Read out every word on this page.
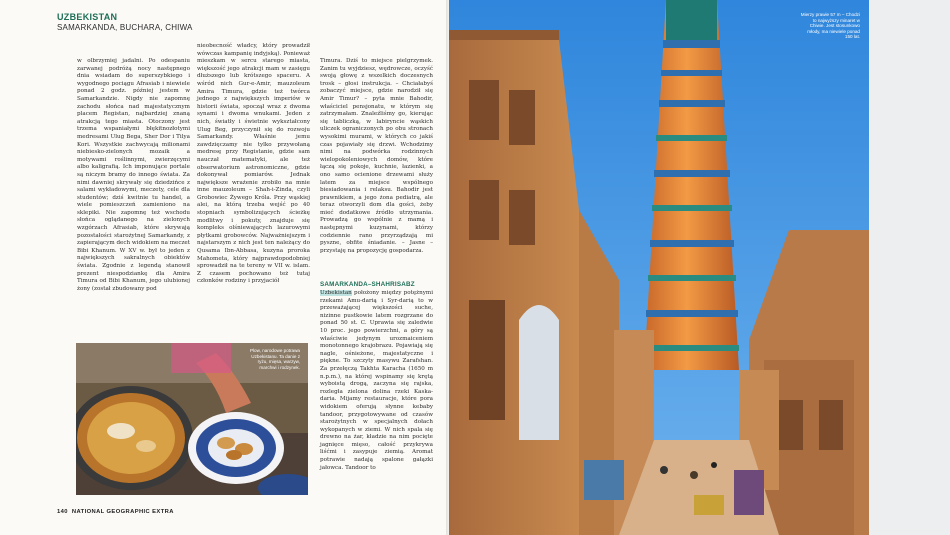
UZBEKISTAN
SAMARKANDA, BUCHARA, CHIWA

w olbrzymiej jadalni. Po odespaniu zarwanej podróżą nocy następnego dnia wsiadam do superszybkiego i wygodnego pociągu Afrasiab i niewiele ponad 2 godz. później jestem w Samarkandzie. Nigdy nie zapomnę zachodu słońca nad majestatycznym placem Registan, najbardziej znaną atrakcją tego miasta. Otoczony jest trzema wspaniałymi błękitnozłotymi medresami Ulug Bega, Sher Dor i Tilya Kori. Wszystkie zachwycają milionami niebiesko-zielonych mozaik a motywami roślinnymi, zwierzęcymi albo kaligrafią. Ich imponujące portale są niczym bramy do innego świata. Za nimi dawniej skrywały się dziedzińce z salami wykładowymi, meczety, cele dla studentów; dziś kwitnie tu handel, a wiele pomieszczeń zamieniono na sklepiki. Nie zapomnę też wschodu słońca oglądanego na zielonych wzgórzach Afrasiab, które skrywają pozostałości starożytnej Samarkandy, z zapierającym dech widokiem na meczet Bibi Khanum. W XV w. był to jeden z największych sakralnych obiektów świata. Zgodnie z legendą stanowił prezent niespodziankę dla Amira Timura od Bibi Khanum, jego ulubionej żony (został zbudowany pod

nieobecność władcy, który prowadził wówczas kampanię indyjską). Ponieważ mieszkam w sercu starego miasta, większość jego atrakcji mam w zasięgu dłuższego lub krótszego spaceru. A wśród nich Gur-e-Amir, mauzoleum Amira Timura, gdzie też twórca jednego z największych imperiów w historii świata, spoczął wraz z dwoma synami i dwoma wnukami. Jeden z nich, światły i świetnie wykształcony Ulug Beg, przyczynił się do rozwoju Samarkandy. Właśnie jemu zawdzięczamy nie tylko przywołaną medresę przy Registanie, gdzie sam nauczał matematyki, ale też obserwatorium astronomiczne, gdzie dokonywał pomiarów. Jednak największe wrażenie zrobiło na mnie inne mauzoleum – Shah-i-Zinda, czyli Grobowiec Żywego Króla. Przy wąskiej alei, na którą trzeba wejść po 40 stopniach symbolizujących ścieżkę modlitwy i pokuty, znajduje się kompleks olśniewających lazurowymi płytkami grobowców. Najważniejszym i najstarszym z nich jest ten należący do Qusama Ibn-Abbasa, kuzyna proroka Mahometa, który najprawdopodobniej sprowadził na te tereny w VII w. islam. Z czasem pochowano też tutaj członków rodziny i przyjaciół

Timura. Dziś to miejsce pielgrzymek. Zanim tu wyjdziesz, wędrowcze, oczyść swoją głowę z wszelkich doczesnych trosk – głosi instrukcja. – Chciałabyś zobaczyć miejsce, gdzie narodził się Amir Timur? – pyta mnie Bahodir, właściciel pensjonatu, w którym się zatrzymałam. Znaleźliśmy go, kierując się tabliczką, w labiryncie wąskich uliczek ograniczonych po obu stronach wysokimi murami, w których co jakiś czas pojawiały się drzwi. Wchodzimy nimi na podwórka rodzinnych wielopokoleniowych domów, które łączą się pokoje, kuchnie, łazienki, a ono samo ocienione drzewami służy latem za miejsce wspólnego biesiadowania i relaksu. Bahodir jest prawnikiem, a jego żona pediatrą, ale teraz otworzyli dom dla gości, żeby mieć dodatkowe źródło utrzymania. Prowadzą go wspólnie z mamą i następnymi kuzynami, którzy codziennie rano przyrządzają mi pyszne, obfite śniadanie. – Jasne – przystaję na propozycję gospodarza.

SAMARKANDA–SHAHRISABZ

Uzbekistan położony między potężnymi rzekami Amu-darią i Syr-darią to w przeważającej większości suche, nizinne pustkowie latem rozgrzane do ponad 50 st. C. Uprawia się zaledwie 10 proc. jego powierzchni, a góry są właściwie jedynym urozmaiceniem monotonnego krajobrazu. Pojawiają się nagle, ośnieżone, majestatyczne i piękne. To szczyty masywu Zarafshan. Za przełęczą Takhta Karacha (1650 m n.p.m.), na której wspinamy się krętą wyboistą drogą, zaczyna się rajska, rozległa zielona dolina rzeki Kaska-daria. Mijamy restauracje, które pora widokiem oferują słynne kebaby tandoor, przygotowywane od czasów starożytnych w specjalnych dołach wykopanych w ziemi. W nich spala się drewno na żar, kładzie na nim pocięte jagnięce mięso, całość przykrywa liśćmi i zasypuje ziemią. Aromat potrawie nadają spalone gałązki jałowca. Tandoor to

Plow, narodowe potrawa Uzbekistanu. Ta danie z ryżu, mięsa, warzyw, marchwi i rodzynek.
140 NATIONAL GEOGRAPHIC EXTRA
Mierzy prawie 57 m – Chodzi to najwyższy minaret w Chiwie. Jest stosunkowo młody, ma niewiele ponad 150 lat.
